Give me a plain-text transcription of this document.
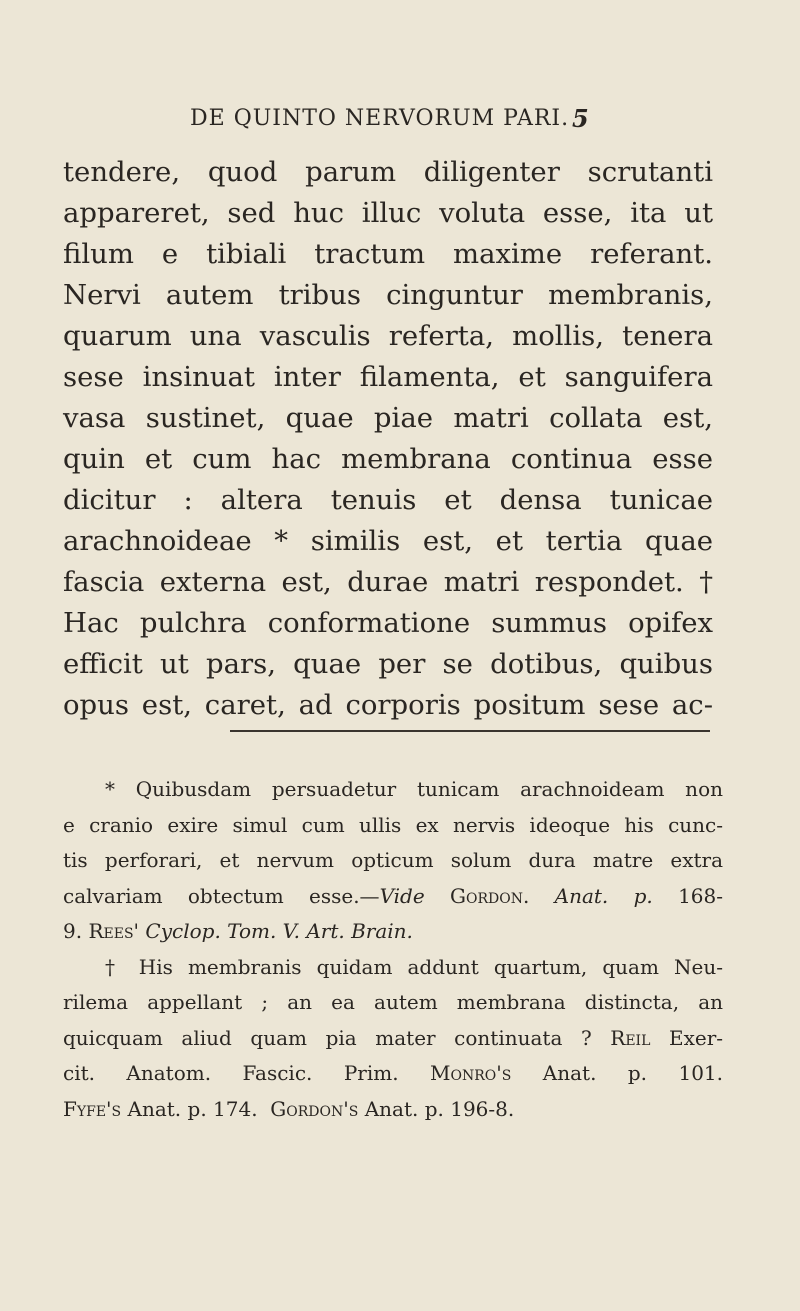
DE QUINTO NERVORUM PARI. 5
tendere, quod parum diligenter scrutanti
appareret, sed huc illuc voluta esse, ita ut
filum e tibiali tractum maxime referant.
Nervi autem tribus cinguntur membranis,
quarum una vasculis referta, mollis, tenera
sese insinuat inter filamenta, et sanguifera
vasa sustinet, quae piae matri collata est,
quin et cum hac membrana continua esse
dicitur : altera tenuis et densa tunicae
arachnoideae * similis est, et tertia quae
fascia externa est, durae matri respondet. †
Hac pulchra conformatione summus opifex
efficit ut pars, quae per se dotibus, quibus
opus est, caret, ad corporis positum sese ac-
* Quibusdam persuadetur tunicam arachnoideam non
e cranio exire simul cum ullis ex nervis ideoque his cunc-
tis perforari, et nervum opticum solum dura matre extra
calvariam obtectum esse.—Vide Gordon. Anat. p. 168-
9. Rees' Cyclop. Tom. V. Art. Brain.
† His membranis quidam addunt quartum, quam Neu-
rilema appellant ; an ea autem membrana distincta, an
quicquam aliud quam pia mater continuata ? Reil Exer-
cit. Anatom. Fascic. Prim. Monro's Anat. p. 101.
Fyfe's Anat. p. 174. Gordon's Anat. p. 196-8.
